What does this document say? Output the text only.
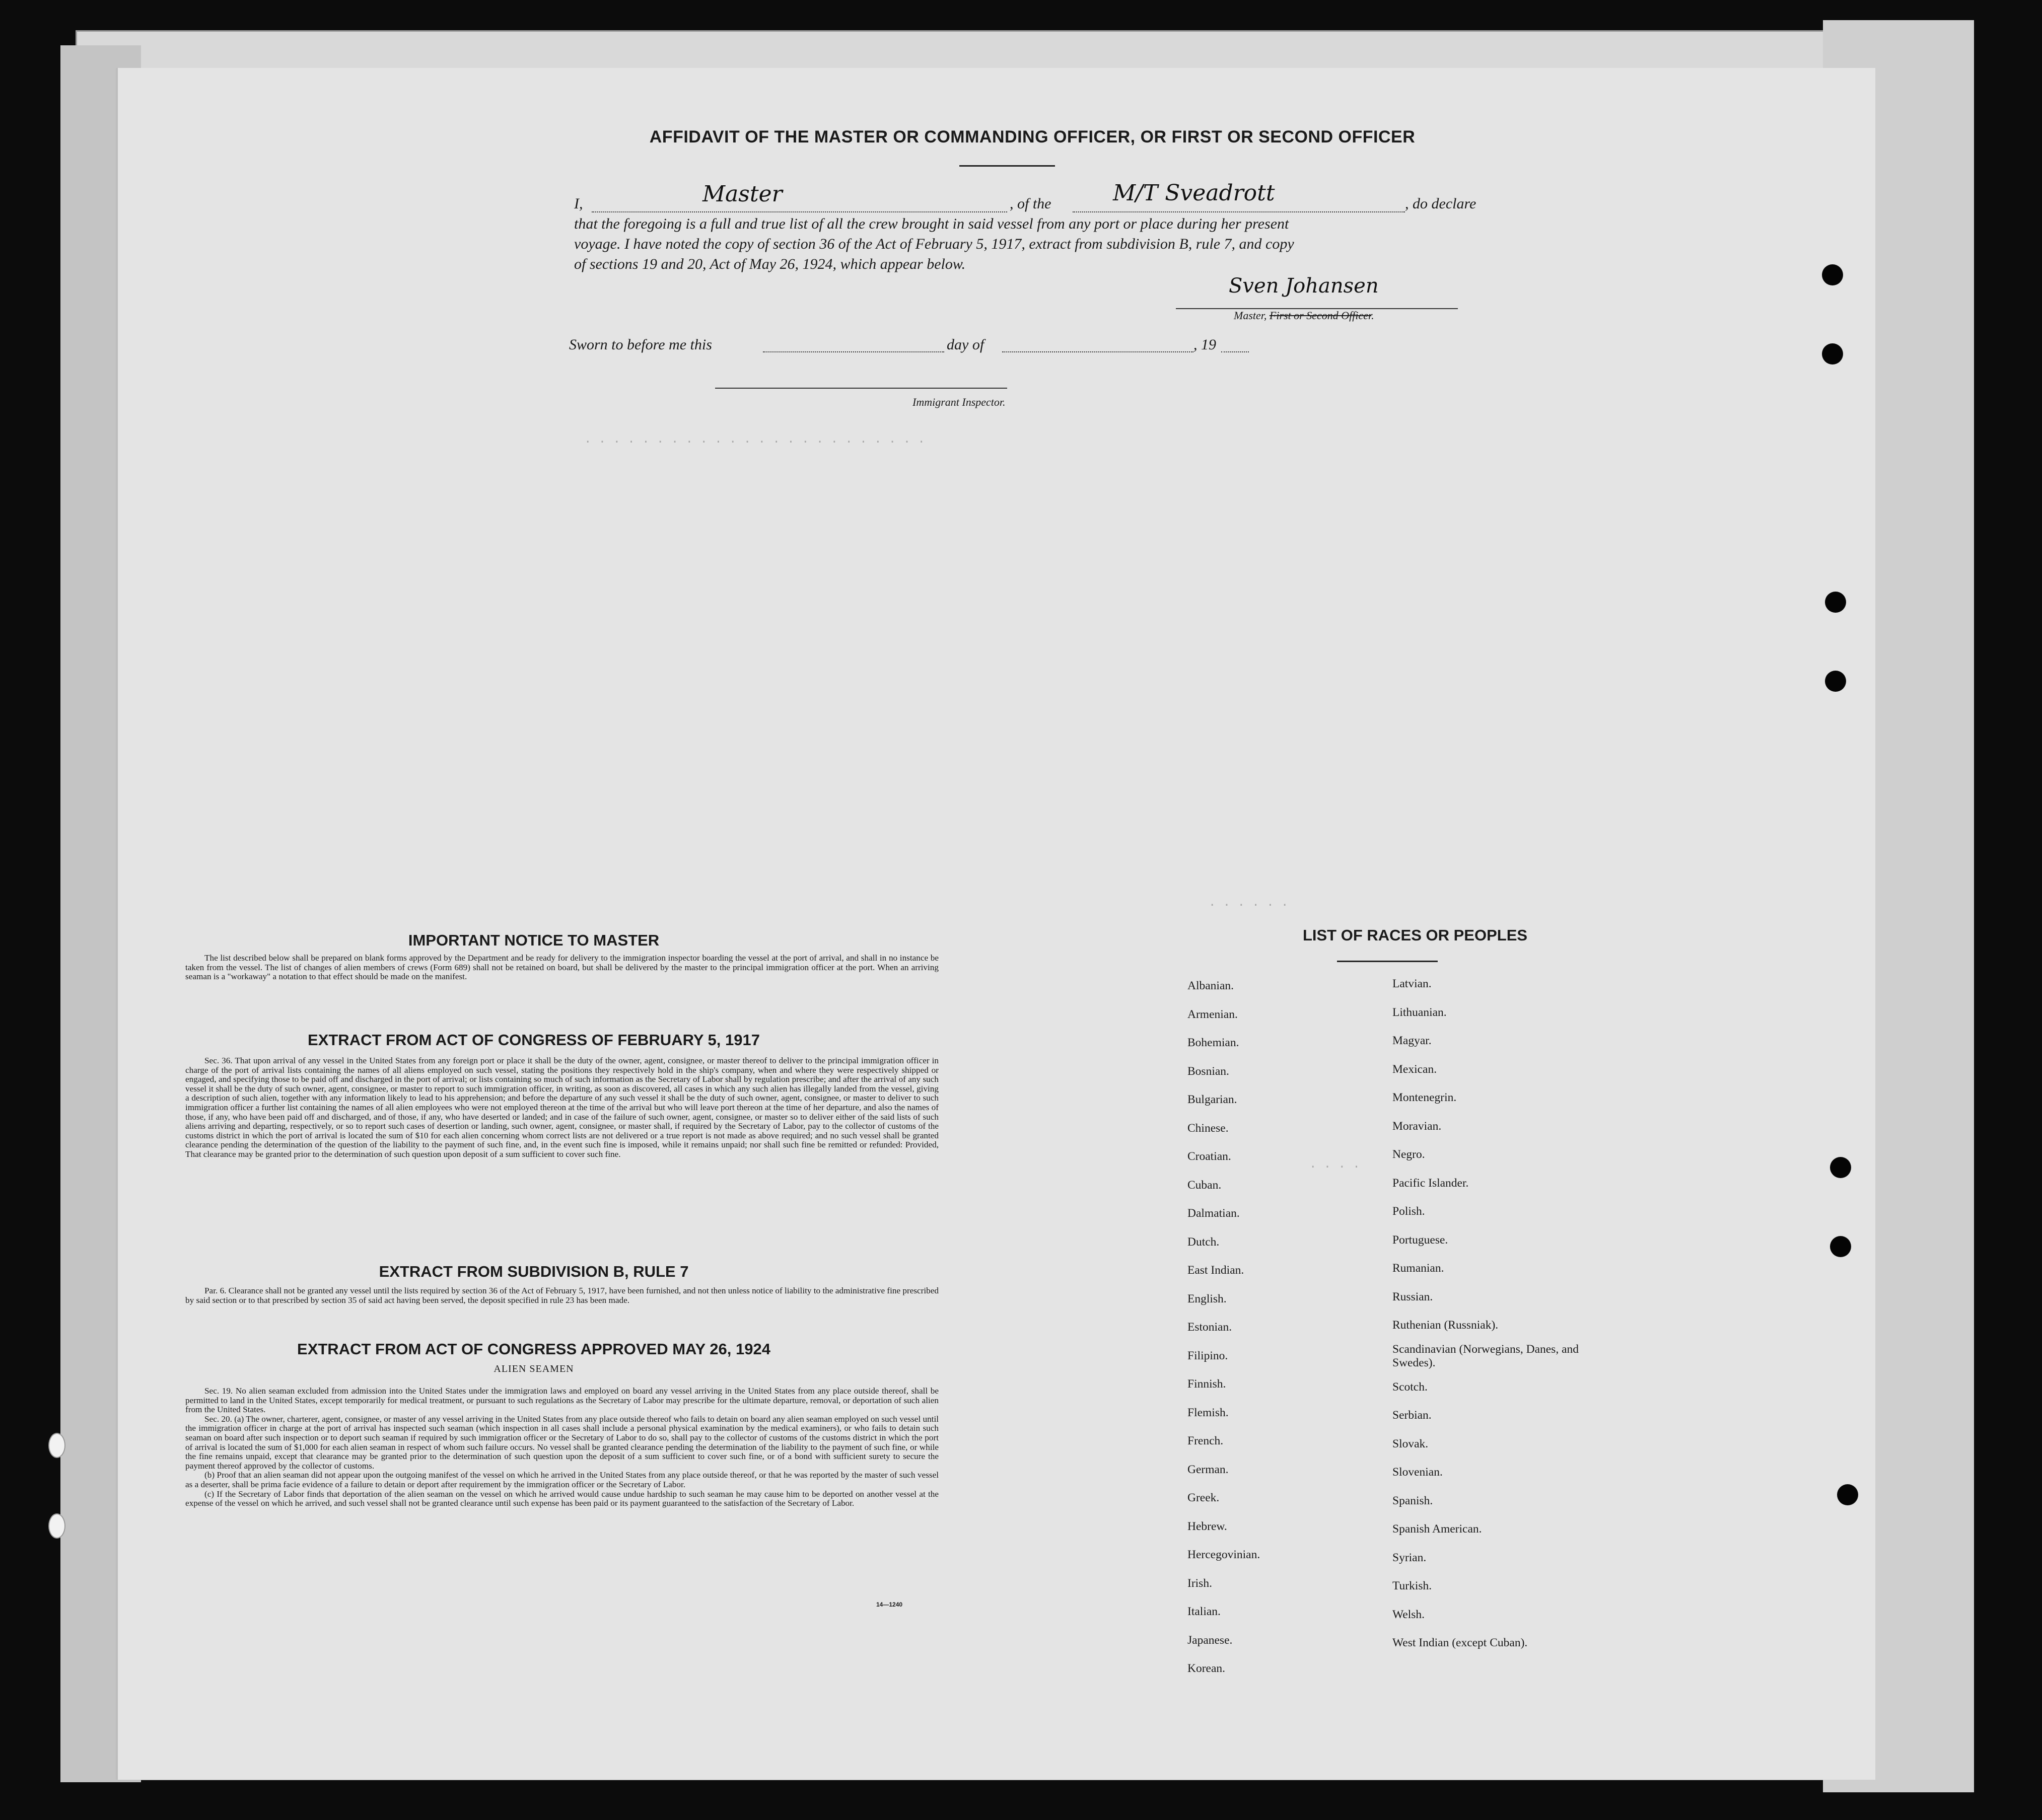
. . . . . . . . . . . . . . . . . . . . . . . .
. . . . . .
. . . .
AFFIDAVIT OF THE MASTER OR COMMANDING OFFICER, OR FIRST OR SECOND OFFICER
I,	Master	, of the	M/T Sveadrott	, do declare
that the foregoing is a full and true list of all the crew brought in said vessel from any port or place during her present
voyage. I have noted the copy of section 36 of the Act of February 5, 1917, extract from subdivision B, rule 7, and copy
of sections 19 and 20, Act of May 26, 1924, which appear below.
Sven Johansen
Master, First or Second Officer.
Sworn to before me this	day of	, 19
Immigrant Inspector.
IMPORTANT NOTICE TO MASTER

The list described below shall be prepared on blank forms approved by the Department and be ready for delivery to the immigration inspector boarding the vessel at the port of arrival, and shall in no instance be taken from the vessel. The list of changes of alien members of crews (Form 689) shall not be retained on board, but shall be delivered by the master to the principal immigration officer at the port. When an arriving seaman is a "workaway" a notation to that effect should be made on the manifest.

EXTRACT FROM ACT OF CONGRESS OF FEBRUARY 5, 1917

Sec. 36. That upon arrival of any vessel in the United States from any foreign port or place it shall be the duty of the owner, agent, consignee, or master thereof to deliver to the principal immigration officer in charge of the port of arrival lists containing the names of all aliens employed on such vessel, stating the positions they respectively hold in the ship's company, when and where they were respectively shipped or engaged, and specifying those to be paid off and discharged in the port of arrival; or lists containing so much of such information as the Secretary of Labor shall by regulation prescribe; and after the arrival of any such vessel it shall be the duty of such owner, agent, consignee, or master to report to such immigration officer, in writing, as soon as discovered, all cases in which any such alien has illegally landed from the vessel, giving a description of such alien, together with any information likely to lead to his apprehension; and before the departure of any such vessel it shall be the duty of such owner, agent, consignee, or master to deliver to such immigration officer a further list containing the names of all alien employees who were not employed thereon at the time of the arrival but who will leave port thereon at the time of her departure, and also the names of those, if any, who have been paid off and discharged, and of those, if any, who have deserted or landed; and in case of the failure of such owner, agent, consignee, or master so to deliver either of the said lists of such aliens arriving and departing, respectively, or so to report such cases of desertion or landing, such owner, agent, consignee, or master shall, if required by the Secretary of Labor, pay to the collector of customs of the customs district in which the port of arrival is located the sum of $10 for each alien concerning whom correct lists are not delivered or a true report is not made as above required; and no such vessel shall be granted clearance pending the determination of the question of the liability to the payment of such fine, and, in the event such fine is imposed, while it remains unpaid; nor shall such fine be remitted or refunded: Provided, That clearance may be granted prior to the determination of such question upon deposit of a sum sufficient to cover such fine.

EXTRACT FROM SUBDIVISION B, RULE 7

Par. 6. Clearance shall not be granted any vessel until the lists required by section 36 of the Act of February 5, 1917, have been furnished, and not then unless notice of liability to the administrative fine prescribed by said section or to that prescribed by section 35 of said act having been served, the deposit specified in rule 23 has been made.

EXTRACT FROM ACT OF CONGRESS APPROVED MAY 26, 1924
ALIEN SEAMEN

Sec. 19. No alien seaman excluded from admission into the United States under the immigration laws and employed on board any vessel arriving in the United States from any place outside thereof, shall be permitted to land in the United States, except temporarily for medical treatment, or pursuant to such regulations as the Secretary of Labor may prescribe for the ultimate departure, removal, or deportation of such alien from the United States.

Sec. 20. (a) The owner, charterer, agent, consignee, or master of any vessel arriving in the United States from any place outside thereof who fails to detain on board any alien seaman employed on such vessel until the immigration officer in charge at the port of arrival has inspected such seaman (which inspection in all cases shall include a personal physical examination by the medical examiners), or who fails to detain such seaman on board after such inspection or to deport such seaman if required by such immigration officer or the Secretary of Labor to do so, shall pay to the collector of customs of the customs district in which the port of arrival is located the sum of $1,000 for each alien seaman in respect of whom such failure occurs. No vessel shall be granted clearance pending the determination of the liability to the payment of such fine, or while the fine remains unpaid, except that clearance may be granted prior to the determination of such question upon the deposit of a sum sufficient to cover such fine, or of a bond with sufficient surety to secure the payment thereof approved by the collector of customs.

(b) Proof that an alien seaman did not appear upon the outgoing manifest of the vessel on which he arrived in the United States from any place outside thereof, or that he was reported by the master of such vessel as a deserter, shall be prima facie evidence of a failure to detain or deport after requirement by the immigration officer or the Secretary of Labor.

(c) If the Secretary of Labor finds that deportation of the alien seaman on the vessel on which he arrived would cause undue hardship to such seaman he may cause him to be deported on another vessel at the expense of the vessel on which he arrived, and such vessel shall not be granted clearance until such expense has been paid or its payment guaranteed to the satisfaction of the Secretary of Labor.

14—1240
LIST OF RACES OR PEOPLES
Albanian.
Armenian.
Bohemian.
Bosnian.
Bulgarian.
Chinese.
Croatian.
Cuban.
Dalmatian.
Dutch.
East Indian.
English.
Estonian.
Filipino.
Finnish.
Flemish.
French.
German.
Greek.
Hebrew.
Hercegovinian.
Irish.
Italian.
Japanese.
Korean.
Latvian.
Lithuanian.
Magyar.
Mexican.
Montenegrin.
Moravian.
Negro.
Pacific Islander.
Polish.
Portuguese.
Rumanian.
Russian.
Ruthenian (Russniak).
Scandinavian (Norwegians, Danes, and Swedes).
Scotch.
Serbian.
Slovak.
Slovenian.
Spanish.
Spanish American.
Syrian.
Turkish.
Welsh.
West Indian (except Cuban).
